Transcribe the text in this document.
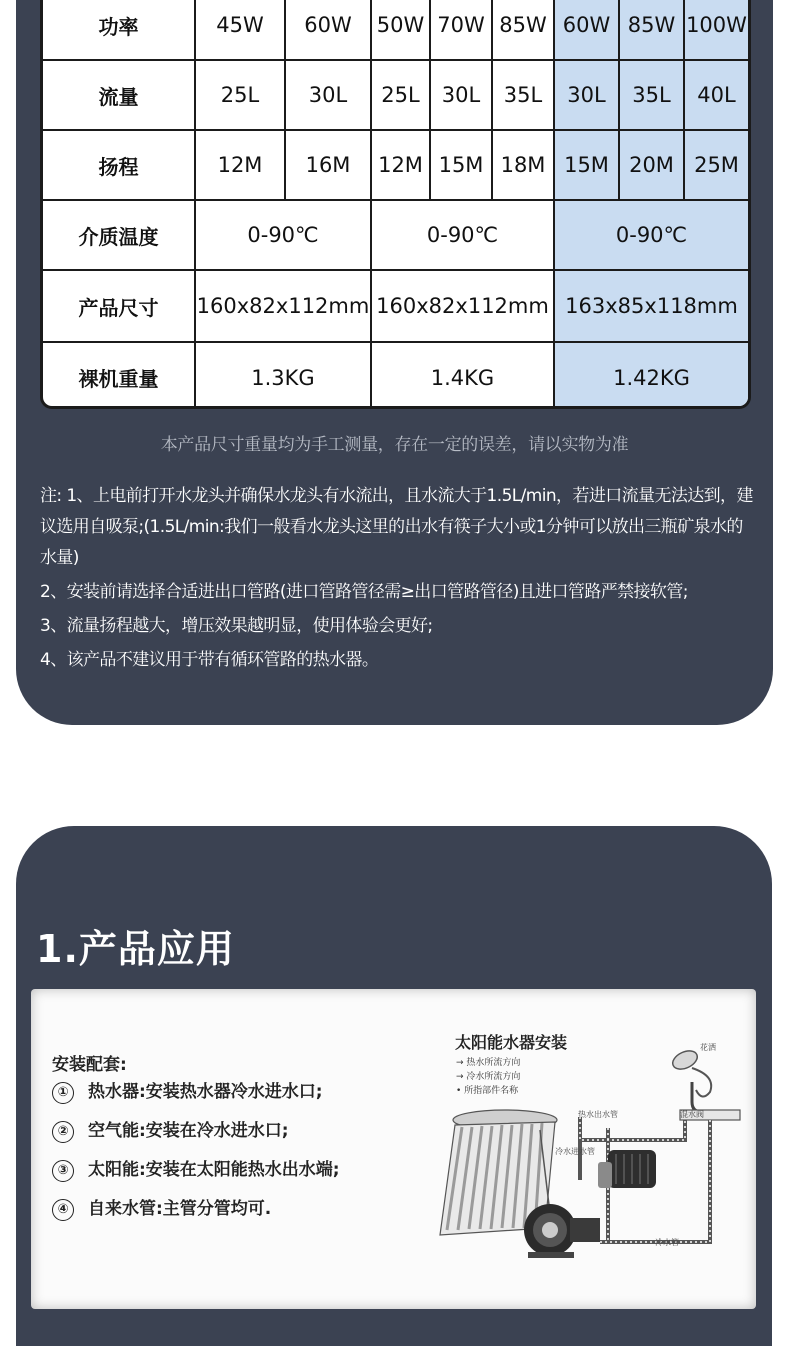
功率	45W	60W	50W	70W	85W	60W	85W	100W
流量	25L	30L	25L	30L	35L	30L	35L	40L
扬程	12M	16M	12M	15M	18M	15M	20M	25M
介质温度	0-90℃		0-90℃			0-90℃		
产品尺寸	160x82x112mm		160x82x112mm			163x85x118mm		
裸机重量	1.3KG		1.4KG			1.42KG		
本产品尺寸重量均为手工测量，存在一定的误差，请以实物为准

注: 1、上电前打开水龙头并确保水龙头有水流出，且水流大于1.5L/min，若进口流量无法达到，建议选用自吸泵;(1.5L/min:我们一般看水龙头这里的出水有筷子大小或1分钟可以放出三瓶矿泉水的水量)

2、安装前请选择合适进出口管路(进口管路管径需≥出口管路管径)且进口管路严禁接软管;

3、流量扬程越大，增压效果越明显，使用体验会更好;

4、该产品不建议用于带有循环管路的热水器。

1.产品应用
安装配套:
① 热水器:安装热水器冷水进水口;
② 空气能:安装在冷水进水口;
③ 太阳能:安装在太阳能热水出水端;
④ 自来水管:主管分管均可.
太阳能水器安装
→ 热水所流方向
→ 冷水所流方向
• 所指部件名称
热水出水管
冷水进水管
混水阀
冷水管
花洒
